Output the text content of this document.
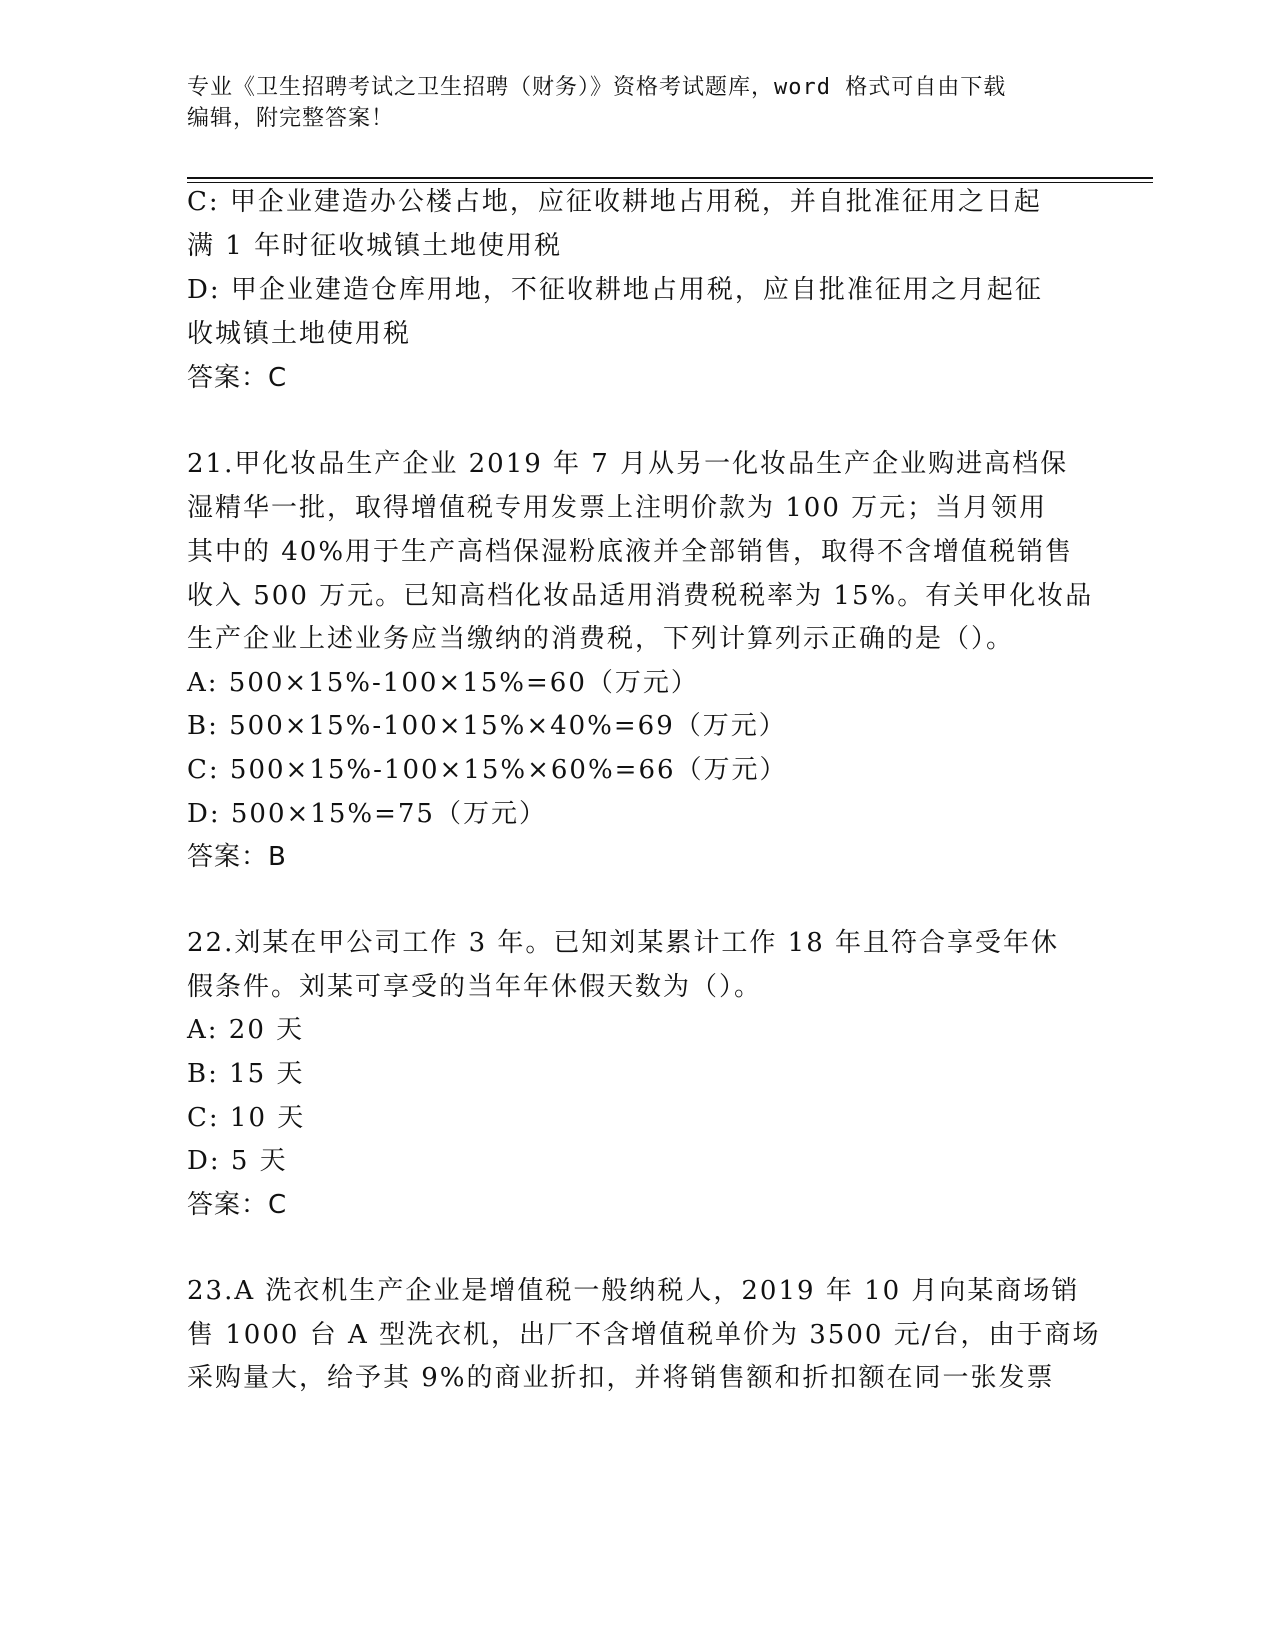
专业《卫生招聘考试之卫生招聘（财务）》资格考试题库，word 格式可自由下载
编辑，附完整答案！
C: 甲企业建造办公楼占地，应征收耕地占用税，并自批准征用之日起
满 1 年时征收城镇土地使用税
D: 甲企业建造仓库用地，不征收耕地占用税，应自批准征用之月起征
收城镇土地使用税
答案：C
21.甲化妆品生产企业 2019 年 7 月从另一化妆品生产企业购进高档保
湿精华一批，取得增值税专用发票上注明价款为 100 万元；当月领用
其中的 40%用于生产高档保湿粉底液并全部销售，取得不含增值税销售
收入 500 万元。已知高档化妆品适用消费税税率为 15%。有关甲化妆品
生产企业上述业务应当缴纳的消费税，下列计算列示正确的是（）。
A: 500×15%-100×15%=60（万元）
B: 500×15%-100×15%×40%=69（万元）
C: 500×15%-100×15%×60%=66（万元）
D: 500×15%=75（万元）
答案：B
22.刘某在甲公司工作 3 年。已知刘某累计工作 18 年且符合享受年休
假条件。刘某可享受的当年年休假天数为（）。
A: 20 天
B: 15 天
C: 10 天
D: 5 天
答案：C
23.A 洗衣机生产企业是增值税一般纳税人，2019 年 10 月向某商场销
售 1000 台 A 型洗衣机，出厂不含增值税单价为 3500 元/台，由于商场
采购量大，给予其 9%的商业折扣，并将销售额和折扣额在同一张发票
